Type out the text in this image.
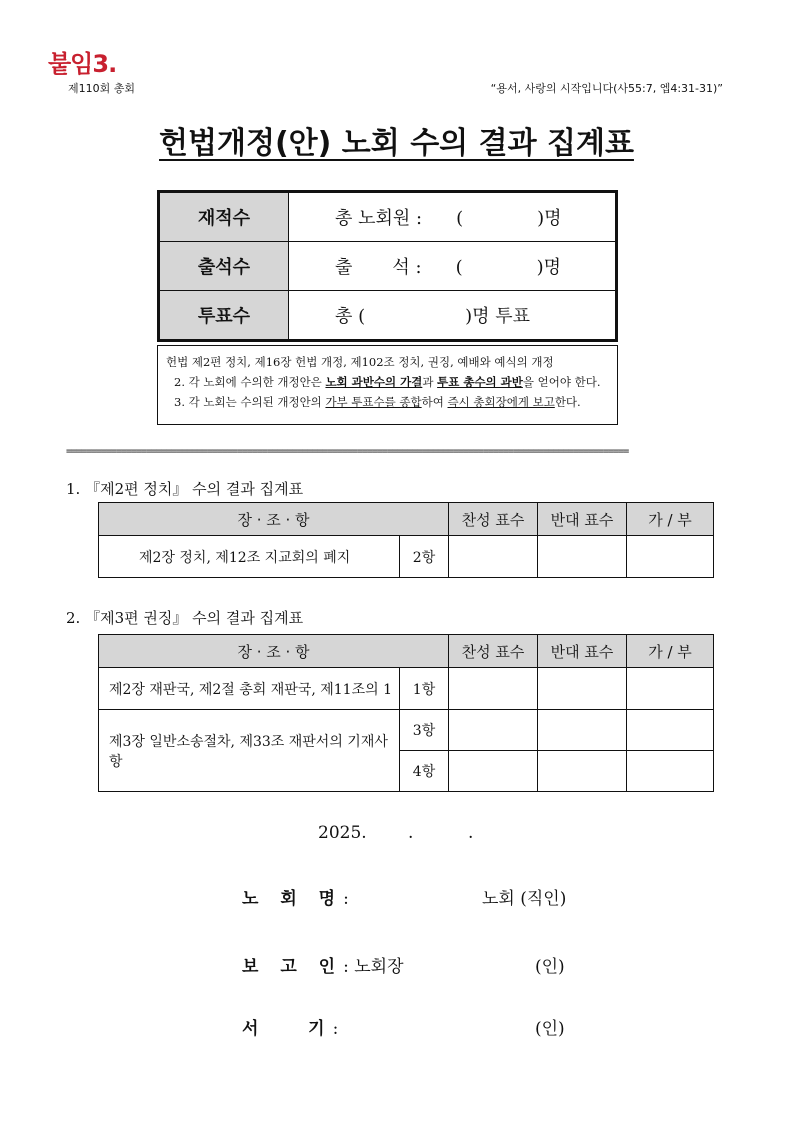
붙임3.
제110회 총회	“용서, 사랑의 시작입니다(사55:7, 엡4:31-31)”
헌법개정(안) 노회 수의 결과 집계표
재적수	총 노회원 : ( )명
출석수	출 석 : ( )명
투표수	총 ( )명 투표
헌법 제2편 정치, 제16장 헌법 개정, 제102조 정치, 권징, 예배와 예식의 개정
2. 각 노회에 수의한 개정안은 노회 과반수의 가결과 투표 총수의 과반을 얻어야 한다.
3. 각 노회는 수의된 개정안의 가부 투표수를 종합하여 즉시 총회장에게 보고한다.
================================================================================================================
1. 『제2편 정치』 수의 결과 집계표
장 · 조 · 항		찬성 표수	반대 표수	가 / 부
제2장 정치, 제12조 지교회의 폐지	2항			
2. 『제3편 권징』 수의 결과 집계표
장 · 조 · 항		찬성 표수	반대 표수	가 / 부
제2장 재판국, 제2절 총회 재판국, 제11조의 1	1항			
제3장 일반소송절차, 제33조 재판서의 기재사항	3항			
	4항			
2025. .	.
노 회 명:	노회 (직인)
보 고 인: 노회장	(인)
서   기:	(인)
